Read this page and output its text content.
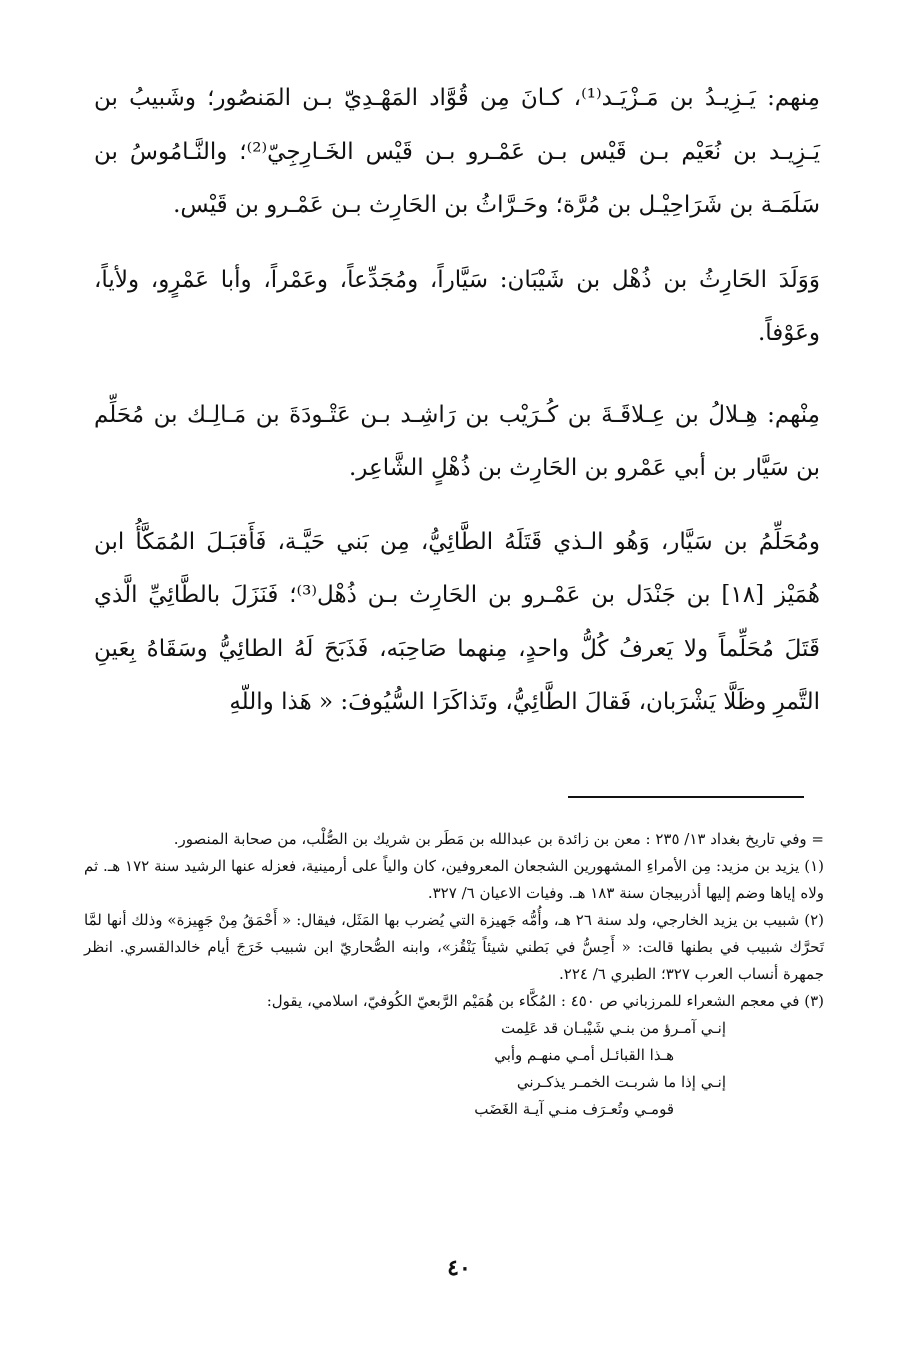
مِنهم: يَـزِيـدُ بن مَـزْيَـد⁽¹⁾، كـانَ مِن قُوَّاد المَهْـدِيّ بـن المَنصُور؛ وشَبيبُ بن يَـزِيـد بن نُعَيْم بـن قَيْس بـن عَمْـرو بـن قَيْس الخَـارِجِيّ⁽²⁾؛ والنَّـامُوسُ بن سَلَمَـة بن شَرَاحِيْـل بن مُرَّة؛ وحَـرَّاثُ بن الحَارِث بـن عَمْـرو بن قَيْس.

وَوَلَدَ الحَارِثُ بن ذُهْل بن شَيْبَان: سَيَّاراً، ومُجَدِّعاً، وعَمْراً، وأبا عَمْرٍو، ولأياً، وعَوْفاً.

مِنْهم: هِـلالُ بن عِـلاقَـةَ بن كُـرَيْب بن رَاشِـد بـن عَتْـودَةَ بن مَـالِـك بن مُحَلِّم بن سَيَّار بن أبي عَمْرو بن الحَارِث بن ذُهْلٍ الشَّاعِر.

ومُحَلِّمُ بن سَيَّار، وَهُو الـذي قَتَلَهُ الطَّائِيُّ، مِن بَني حَيَّـة، فَأَقبَـلَ المُمَكَّأُ ابن هُمَيْز [١٨] بن جَنْدَل بن عَمْـرو بن الحَارِث بـن ذُهْل⁽³⁾؛ فَنَزَلَ بالطَّائِيِّ الَّذي قَتَلَ مُحَلِّماً ولا يَعرفُ كُلُّ واحدٍ، مِنهما صَاحِبَه، فَذَبَحَ لَهُ الطائِيُّ وسَقَاهُ بِعَينِ التَّمرِ وظَلَّا يَشْرَبان، فَقالَ الطَّائِيُّ، وتَذاكَرَا السُّيُوفَ: « هَذا واللّهِ

= وفي تاريخ بغداد ١٣/ ٢٣٥ : معن بن زائدة بن عبدالله بن مَطَر بن شريك بن الصُّلْب، من صحابة المنصور.

(١) يزيد بن مزيد: مِن الأمراءِ المشهورين الشجعان المعروفين، كان والياً على أرمينية، فعزله عنها الرشيد سنة ١٧٢ هـ. ثم ولاه إياها وضم إليها أذربيجان سنة ١٨٣ هـ. وفيات الاعيان ٦/ ٣٢٧.

(٢) شبيب بن يزيد الخارجي، ولد سنة ٢٦ هـ، وأُمُّه جَهيزة التي يُضرب بها المَثَل، فيقال: « أَحْمَقُ مِنْ جَهِيزة» وذلك أنها لمَّا تَحرَّك شبيب في بطنها قالت: « أَحِسُّ في بَطني شيئاً يَنْقُز»، وابنه الصُّحاريّ ابن شبيب خَرَجَ أيام خالدالقسري. انظر جمهرة أنساب العرب ٣٢٧؛ الطبري ٦/ ٢٢٤.

(٣) في معجم الشعراء للمرزباني ص ٤٥٠ : المُكَّاء بن هُمَيْم الرَّبعيّ الكُوفيّ، اسلامي، يقول:

إنـي آمـرؤ من بنـي شَيْبـان قد عَلِمت
هـذا القبائـل أمـي منهـم وأبي
إنـي إذا ما شربـت الخمـر يذكـرني
قومـي وتُعـرَف منـي آيـة الغَضَب
٤٠
